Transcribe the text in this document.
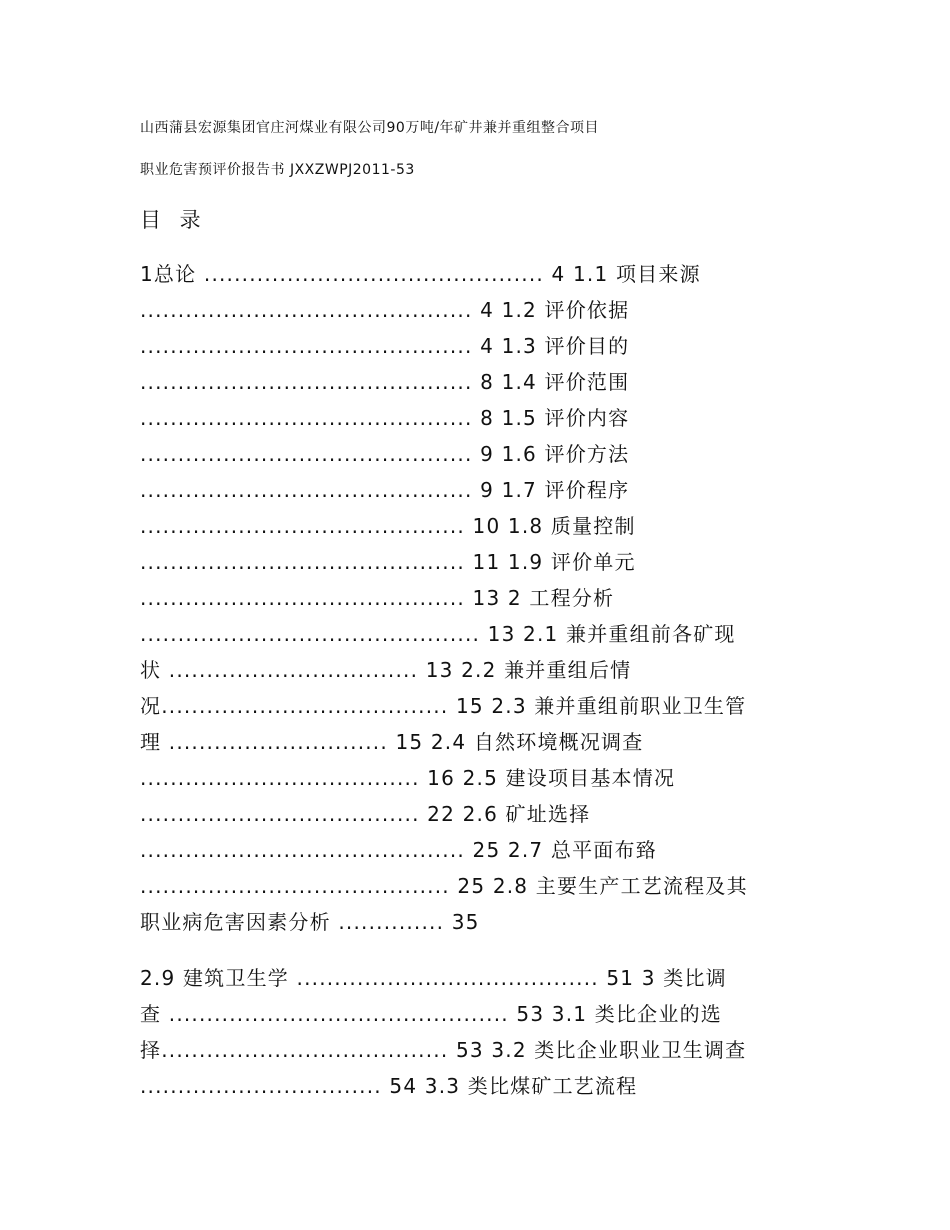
山西蒲县宏源集团官庄河煤业有限公司90万吨/年矿井兼并重组整合项目
职业危害预评价报告书 JXXZWPJ2011-53
目 录
1总论 ............................................. 4 1.1 项目来源
............................................ 4 1.2 评价依据
............................................ 4 1.3 评价目的
............................................ 8 1.4 评价范围
............................................ 8 1.5 评价内容
............................................ 9 1.6 评价方法
............................................ 9 1.7 评价程序
........................................... 10 1.8 质量控制
........................................... 11 1.9 评价单元
........................................... 13 2 工程分析
............................................. 13 2.1 兼并重组前各矿现
状 ................................. 13 2.2 兼并重组后情
况...................................... 15 2.3 兼并重组前职业卫生管
理 ............................. 15 2.4 自然环境概况调查
..................................... 16 2.5 建设项目基本情况
..................................... 22 2.6 矿址选择
........................................... 25 2.7 总平面布臵
......................................... 25 2.8 主要生产工艺流程及其
职业病危害因素分析 .............. 35
2.9 建筑卫生学 ........................................ 51 3 类比调
查 ............................................. 53 3.1 类比企业的选
择...................................... 53 3.2 类比企业职业卫生调查
................................ 54 3.3 类比煤矿工艺流程
